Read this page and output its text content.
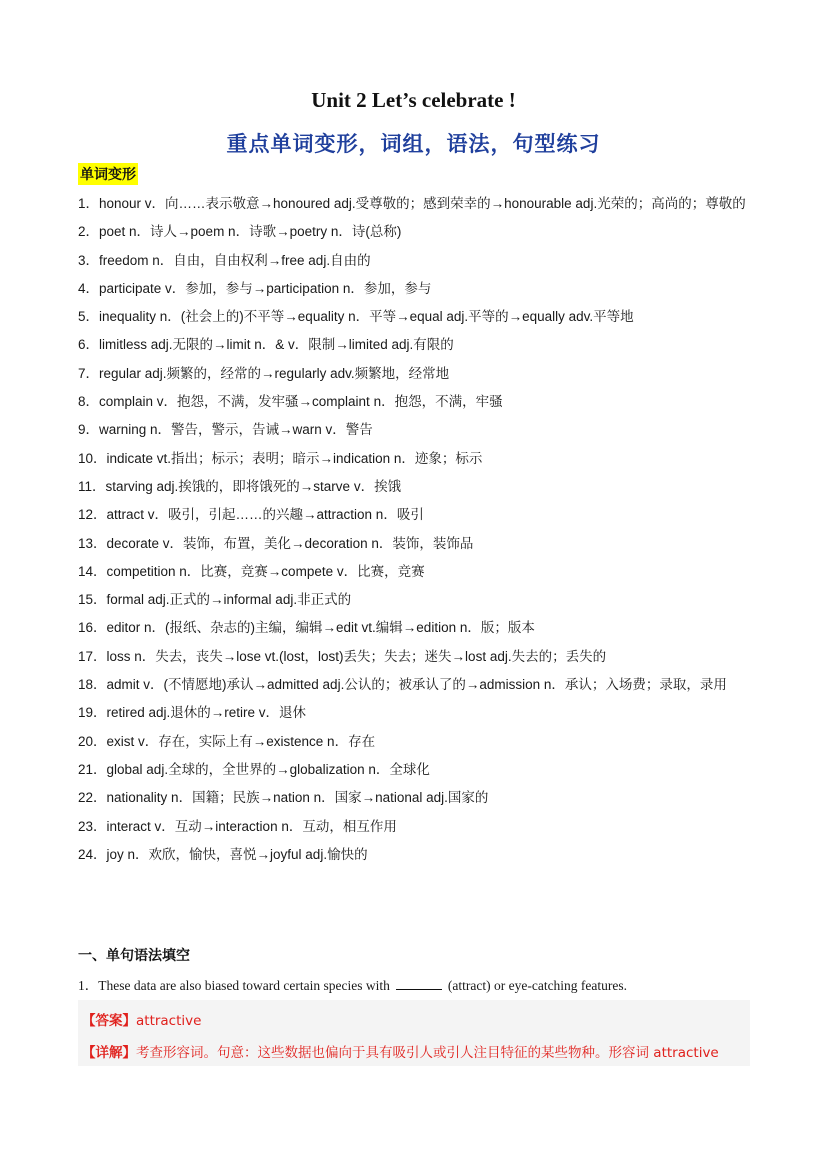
Unit 2 Let’s celebrate !
重点单词变形，词组，语法，句型练习
单词变形
1．honour v．向……表示敬意→honoured adj.受尊敬的；感到荣幸的→honourable adj.光荣的；高尚的；尊敬的
2．poet n．诗人→poem n．诗歌→poetry n．诗(总称)
3．freedom n．自由，自由权利→free adj.自由的
4．participate v．参加，参与→participation n．参加，参与
5．inequality n．(社会上的)不平等→equality n．平等→equal adj.平等的→equally adv.平等地
6．limitless adj.无限的→limit n．& v．限制→limited adj.有限的
7．regular adj.频繁的，经常的→regularly adv.频繁地，经常地
8．complain v．抱怨，不满，发牢骚→complaint n．抱怨，不满，牢骚
9．warning n．警告，警示，告诫→warn v．警告
10．indicate vt.指出；标示；表明；暗示→indication n．迹象；标示
11．starving adj.挨饿的，即将饿死的→starve v．挨饿
12．attract v．吸引，引起……的兴趣→attraction n．吸引
13．decorate v．装饰，布置，美化→decoration n．装饰，装饰品
14．competition n．比赛，竞赛→compete v．比赛，竞赛
15．formal adj.正式的→informal adj.非正式的
16．editor n．(报纸、杂志的)主编，编辑→edit vt.编辑→edition n．版；版本
17．loss n．失去，丧失→lose vt.(lost，lost)丢失；失去；迷失→lost adj.失去的；丢失的
18．admit v．(不情愿地)承认→admitted adj.公认的；被承认了的→admission n．承认；入场费；录取，录用
19．retired adj.退休的→retire v．退休
20．exist v．存在，实际上有→existence n．存在
21．global adj.全球的，全世界的→globalization n．全球化
22．nationality n．国籍；民族→nation n．国家→national adj.国家的
23．interact v．互动→interaction n．互动，相互作用
24．joy n．欢欣，愉快，喜悦→joyful adj.愉快的
一、单句语法填空
1．These data are also biased toward certain species with	(attract) or eye-catching features.
【答案】attractive
【详解】考查形容词。句意：这些数据也偏向于具有吸引人或引人注目特征的某些物种。形容词 attractive
